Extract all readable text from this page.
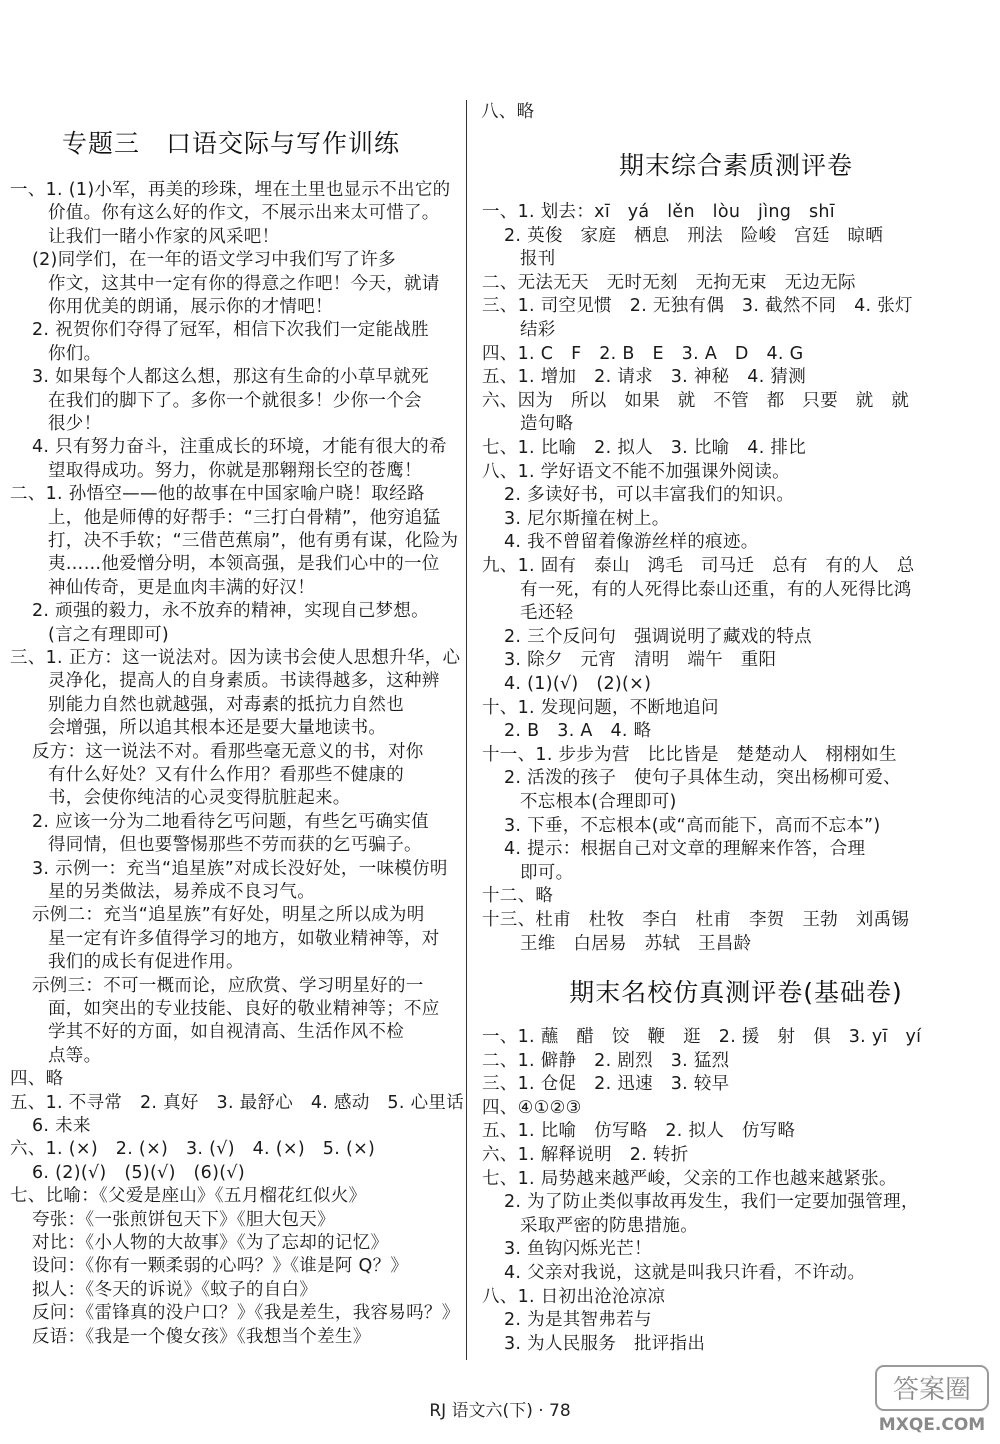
专题三　口语交际与写作训练
一、1. (1)小军，再美的珍珠，埋在土里也显示不出它的
价值。你有这么好的作文，不展示出来太可惜了。
让我们一睹小作家的风采吧！
(2)同学们，在一年的语文学习中我们写了许多
作文，这其中一定有你的得意之作吧！今天，就请
你用优美的朗诵，展示你的才情吧！
2. 祝贺你们夺得了冠军，相信下次我们一定能战胜
你们。
3. 如果每个人都这么想，那这有生命的小草早就死
在我们的脚下了。多你一个就很多！少你一个会
很少！
4. 只有努力奋斗，注重成长的环境，才能有很大的希
望取得成功。努力，你就是那翱翔长空的苍鹰！
二、1. 孙悟空——他的故事在中国家喻户晓！取经路
上，他是师傅的好帮手：“三打白骨精”，他穷追猛
打，决不手软；“三借芭蕉扇”，他有勇有谋，化险为
夷……他爱憎分明，本领高强，是我们心中的一位
神仙传奇，更是血肉丰满的好汉！
2. 顽强的毅力，永不放弃的精神，实现自己梦想。
(言之有理即可)
三、1. 正方：这一说法对。因为读书会使人思想升华，心
灵净化，提高人的自身素质。书读得越多，这种辨
别能力自然也就越强，对毒素的抵抗力自然也
会增强，所以追其根本还是要大量地读书。
反方：这一说法不对。看那些毫无意义的书，对你
有什么好处？又有什么作用？看那些不健康的
书，会使你纯洁的心灵变得肮脏起来。
2. 应该一分为二地看待乞丐问题，有些乞丐确实值
得同情，但也要警惕那些不劳而获的乞丐骗子。
3. 示例一：充当“追星族”对成长没好处，一味模仿明
星的另类做法，易养成不良习气。
示例二：充当“追星族”有好处，明星之所以成为明
星一定有许多值得学习的地方，如敬业精神等，对
我们的成长有促进作用。
示例三：不可一概而论，应欣赏、学习明星好的一
面，如突出的专业技能、良好的敬业精神等；不应
学其不好的方面，如自视清高、生活作风不检
点等。
四、略
五、1. 不寻常　2. 真好　3. 最舒心　4. 感动　5. 心里话
6. 未来
六、1. (×)　2. (×)　3. (√)　4. (×)　5. (×)
6. (2)(√)　(5)(√)　(6)(√)
七、比喻：《父爱是座山》《五月榴花红似火》
夸张：《一张煎饼包天下》《胆大包天》
对比：《小人物的大故事》《为了忘却的记忆》
设问：《你有一颗柔弱的心吗？》《谁是阿 Q？》
拟人：《冬天的诉说》《蚊子的自白》
反问：《雷锋真的没户口？》《我是差生，我容易吗？》
反语：《我是一个傻女孩》《我想当个差生》
八、略
期末综合素质测评卷
一、1. 划去：xī　yá　lěn　lòu　jìng　shī
2. 英俊　家庭　栖息　刑法　险峻　宫廷　晾晒
报刊
二、无法无天　无时无刻　无拘无束　无边无际
三、1. 司空见惯　2. 无独有偶　3. 截然不同　4. 张灯
结彩
四、1. C　F　2. B　E　3. A　D　4. G
五、1. 增加　2. 请求　3. 神秘　4. 猜测
六、因为　所以　如果　就　不管　都　只要　就　就
造句略
七、1. 比喻　2. 拟人　3. 比喻　4. 排比
八、1. 学好语文不能不加强课外阅读。
2. 多读好书，可以丰富我们的知识。
3. 尼尔斯撞在树上。
4. 我不曾留着像游丝样的痕迹。
九、1. 固有　泰山　鸿毛　司马迁　总有　有的人　总
有一死，有的人死得比泰山还重，有的人死得比鸿
毛还轻
2. 三个反问句　强调说明了藏戏的特点
3. 除夕　元宵　清明　端午　重阳
4. (1)(√)　(2)(×)
十、1. 发现问题，不断地追问
2. B　3. A　4. 略
十一、1. 步步为营　比比皆是　楚楚动人　栩栩如生
2. 活泼的孩子　使句子具体生动，突出杨柳可爱、
不忘根本(合理即可)
3. 下垂，不忘根本(或“高而能下，高而不忘本”)
4. 提示：根据自己对文章的理解来作答，合理
即可。
十二、略
十三、杜甫　杜牧　李白　杜甫　李贺　王勃　刘禹锡
王维　白居易　苏轼　王昌龄
期末名校仿真测评卷(基础卷)
一、1. 蘸　醋　饺　鞭　逛　2. 援　射　俱　3. yī　yí
二、1. 僻静　2. 剧烈　3. 猛烈
三、1. 仓促　2. 迅速　3. 较早
四、④①②③
五、1. 比喻　仿写略　2. 拟人　仿写略
六、1. 解释说明　2. 转折
七、1. 局势越来越严峻，父亲的工作也越来越紧张。
2. 为了防止类似事故再发生，我们一定要加强管理，
采取严密的防患措施。
3. 鱼钩闪烁光芒！
4. 父亲对我说，这就是叫我只许看，不许动。
八、1. 日初出沧沧凉凉
2. 为是其智弗若与
3. 为人民服务　批评指出
RJ 语文六(下) · 78
答案圈
MXQE.COM
